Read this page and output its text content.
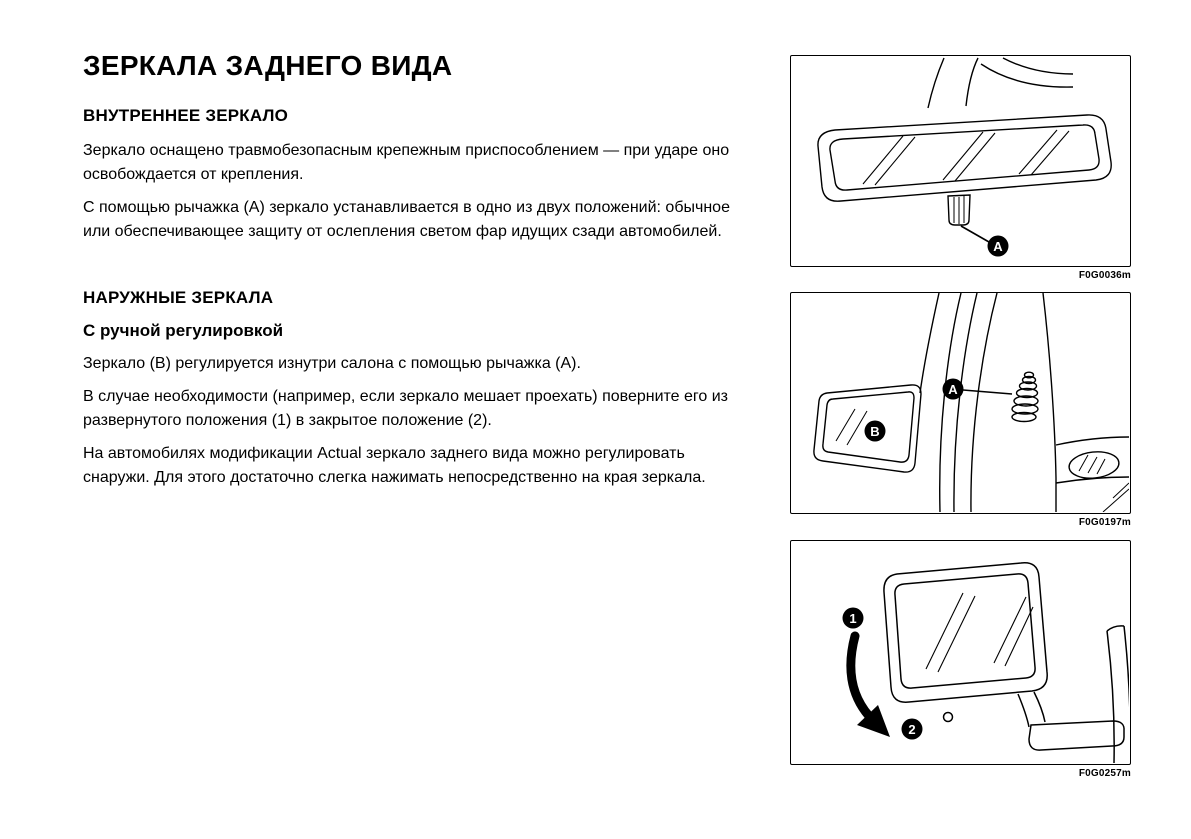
ЗЕРКАЛА ЗАДНЕГО ВИДА
ВНУТРЕННЕЕ ЗЕРКАЛО

Зеркало оснащено травмобезопасным крепежным приспособлением — при ударе оно освобождается от крепления.

С помощью рычажка (А) зеркало устанавливается в одно из двух положений: обычное или обеспечивающее защиту от ослепления светом фар идущих сзади автомобилей.

НАРУЖНЫЕ ЗЕРКАЛА
С ручной регулировкой

Зеркало (В) регулируется изнутри салона с помощью рычажка (А).

В случае необходимости (например, если зеркало мешает проехать) поверните его из развернутого положения (1) в закрытое положение (2).

На автомобилях модификации Actual зеркало заднего вида можно регулировать снаружи. Для этого достаточно слегка нажимать непосредственно на края зеркала.

A
F0G0036m
A
B
F0G0197m
1
2
F0G0257m
